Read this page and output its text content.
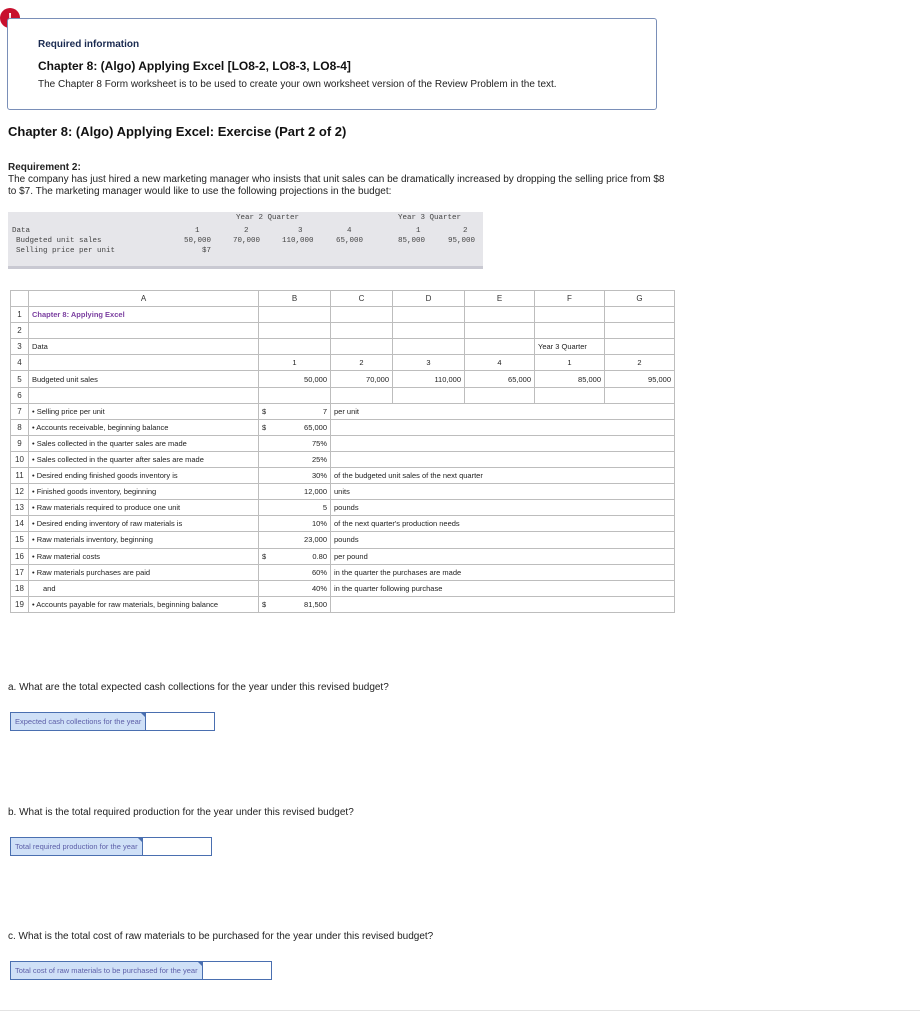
Required information
Chapter 8: (Algo) Applying Excel [LO8-2, LO8-3, LO8-4]
The Chapter 8 Form worksheet is to be used to create your own worksheet version of the Review Problem in the text.
Chapter 8: (Algo) Applying Excel: Exercise (Part 2 of 2)
Requirement 2:
The company has just hired a new marketing manager who insists that unit sales can be dramatically increased by dropping the selling price from $8 to $7. The marketing manager would like to use the following projections in the budget:
Year 2 Quarter	Year 3 Quarter
Data	1	2	3	4	1	2
Budgeted unit sales	50,000	70,000	110,000	65,000	85,000	95,000
Selling price per unit	$7
	A	B		C	D	E	F	G
1	Chapter 8: Applying Excel							
2								
3	Data						Year 3 Quarter	
4		1		2	3	4	1	2
5	Budgeted unit sales	50,000		70,000	110,000	65,000	85,000	95,000
6								
7	• Selling price per unit	$	7	per unit				
8	• Accounts receivable, beginning balance	$	65,000					
9	• Sales collected in the quarter sales are made		75%					
10	• Sales collected in the quarter after sales are made		25%					
11	• Desired ending finished goods inventory is		30%	of the budgeted unit sales of the next quarter				
12	• Finished goods inventory, beginning		12,000	units				
13	• Raw materials required to produce one unit		5	pounds				
14	• Desired ending inventory of raw materials is		10%	of the next quarter's production needs				
15	• Raw materials inventory, beginning		23,000	pounds				
16	• Raw material costs	$	0.80	per pound				
17	• Raw materials purchases are paid		60%	in the quarter the purchases are made				
18	and		40%	in the quarter following purchase				
19	• Accounts payable for raw materials, beginning balance	$	81,500					
a. What are the total expected cash collections for the year under this revised budget?
Expected cash collections for the year
b. What is the total required production for the year under this revised budget?
Total required production for the year
c. What is the total cost of raw materials to be purchased for the year under this revised budget?
Total cost of raw materials to be purchased for the year
